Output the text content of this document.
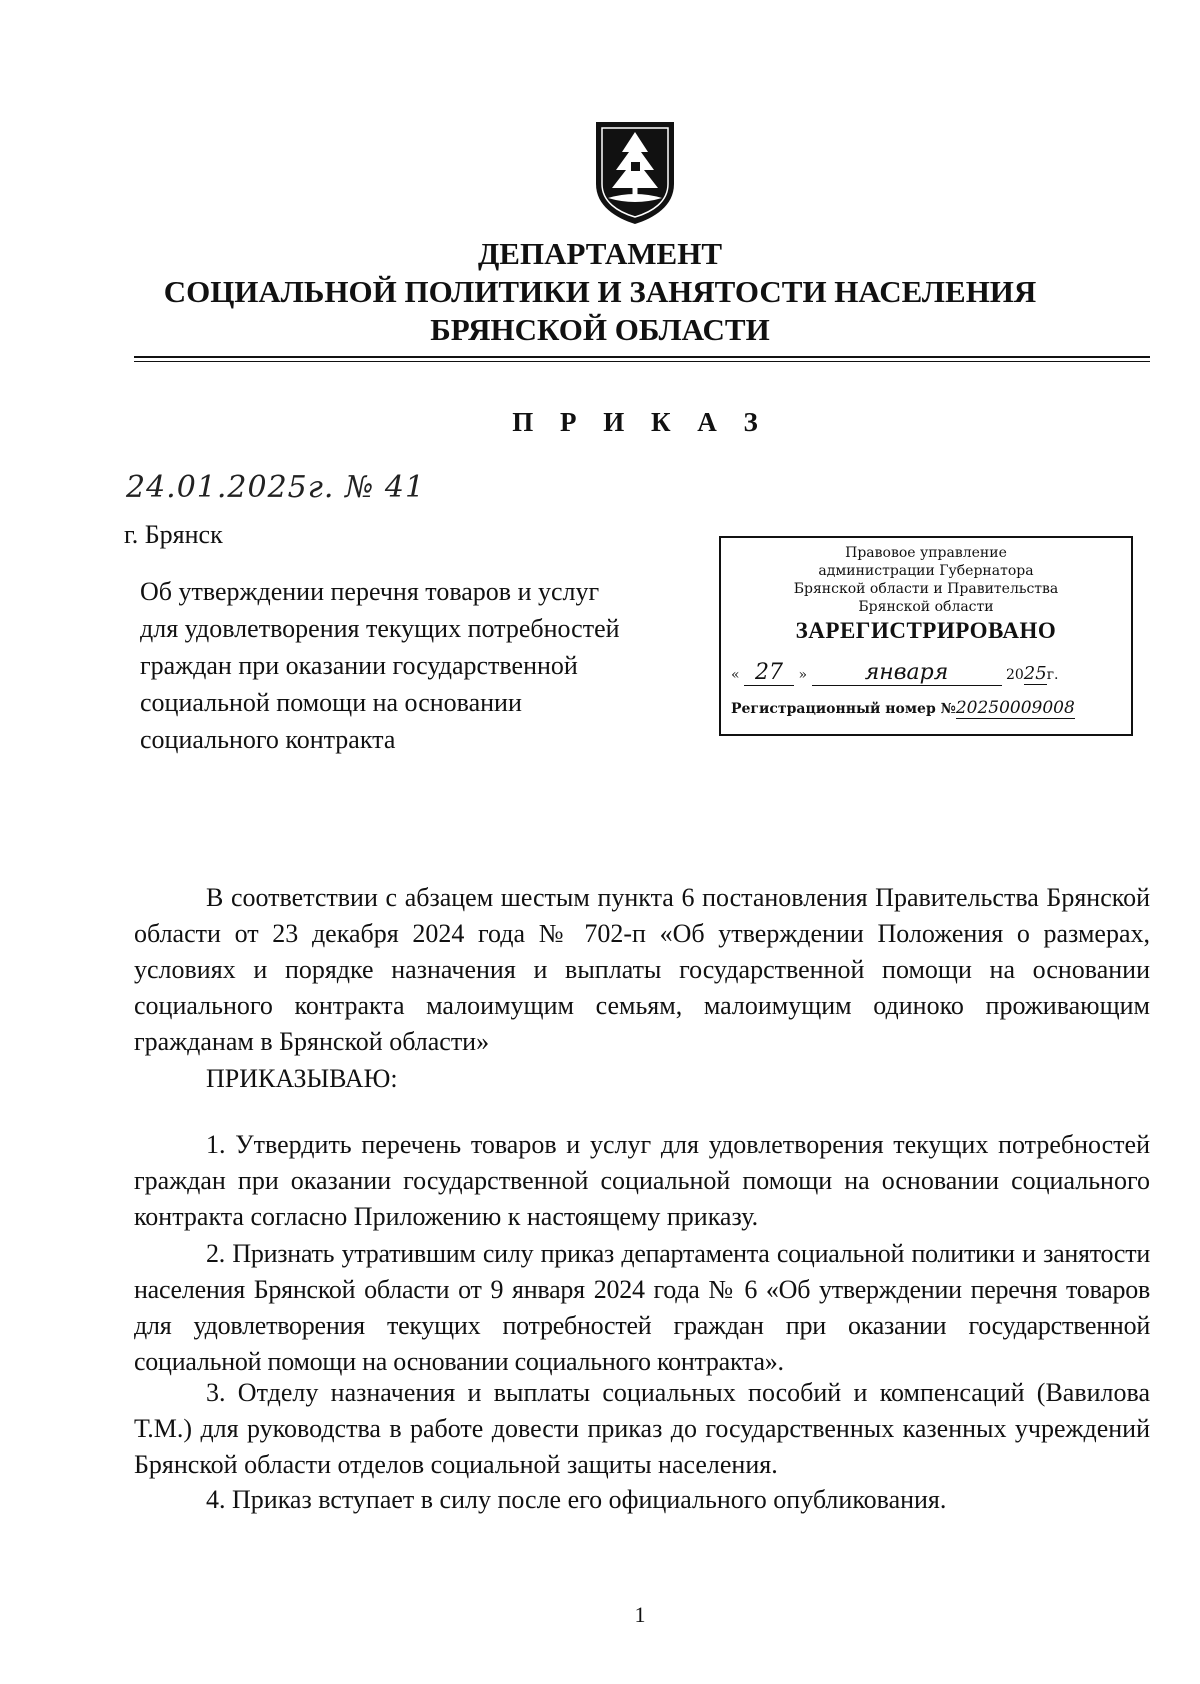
ДЕПАРТАМЕНТ
СОЦИАЛЬНОЙ ПОЛИТИКИ И ЗАНЯТОСТИ НАСЕЛЕНИЯ
БРЯНСКОЙ ОБЛАСТИ
П Р И К А З
24.01.2025г. № 41
г. Брянск
Об утверждении перечня товаров и услуг
для удовлетворения текущих потребностей
граждан при оказании государственной
социальной помощи на основании
социального контракта
Правовое управление
администрации Губернатора
Брянской области и Правительства
Брянской области
ЗАРЕГИСТРИРОВАНО
« 27 »	января	2025г.
Регистрационный номер №20250009008
В соответствии с абзацем шестым пункта 6 постановления Правительства Брянской области от 23 декабря 2024 года № 702-п «Об утверждении Положения о размерах, условиях и порядке назначения и выплаты государственной помощи на основании социального контракта малоимущим семьям, малоимущим одиноко проживающим гражданам в Брянской области»
ПРИКАЗЫВАЮ:
1. Утвердить перечень товаров и услуг для удовлетворения текущих потребностей граждан при оказании государственной социальной помощи на основании социального контракта согласно Приложению к настоящему приказу.
2. Признать утратившим силу приказ департамента социальной политики и занятости населения Брянской области от 9 января 2024 года № 6 «Об утверждении перечня товаров для удовлетворения текущих потребностей граждан при оказании государственной социальной помощи на основании социального контракта».
3. Отделу назначения и выплаты социальных пособий и компенсаций (Вавилова Т.М.) для руководства в работе довести приказ до государственных казенных учреждений Брянской области отделов социальной защиты населения.
4. Приказ вступает в силу после его официального опубликования.
1
